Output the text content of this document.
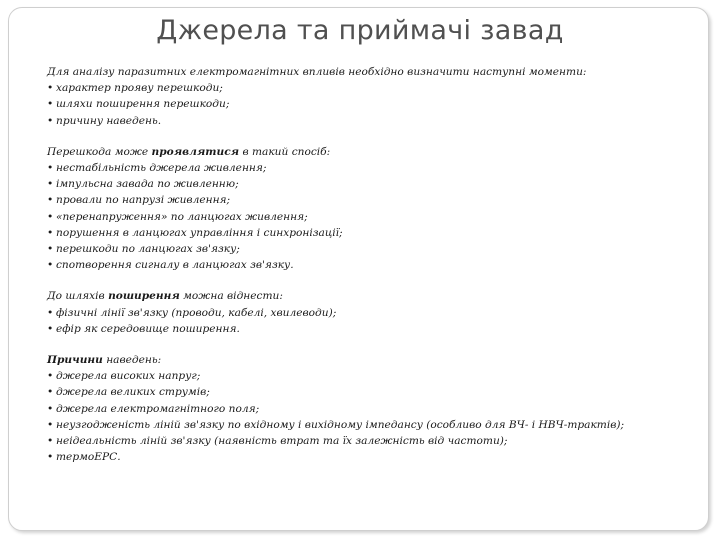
Джерела та приймачі завад
Для аналізу паразитних електромагнітних впливів необхідно визначити наступні моменти:
• характер прояву перешкоди;
• шляхи поширення перешкоди;
• причину наведень.
Перешкода може проявлятися в такий спосіб:
• нестабільність джерела живлення;
• імпульсна завада по живленню;
• провали по напрузі живлення;
• «перенапруження» по ланцюгах живлення;
• порушення в ланцюгах управління і синхронізації;
• перешкоди по ланцюгах зв'язку;
• спотворення сигналу в ланцюгах зв'язку.
До шляхів поширення можна віднести:
• фізичні лінії зв'язку (проводи, кабелі, хвилеводи);
• ефір як середовище поширення.
Причини наведень:
• джерела високих напруг;
• джерела великих струмів;
• джерела електромагнітного поля;
• неузгодженість ліній зв'язку по вхідному і вихідному імпедансу (особливо для ВЧ- і НВЧ-трактів);
• неідеальність ліній зв'язку (наявність втрат та їх залежність від частоти);
• термоЕРС.
